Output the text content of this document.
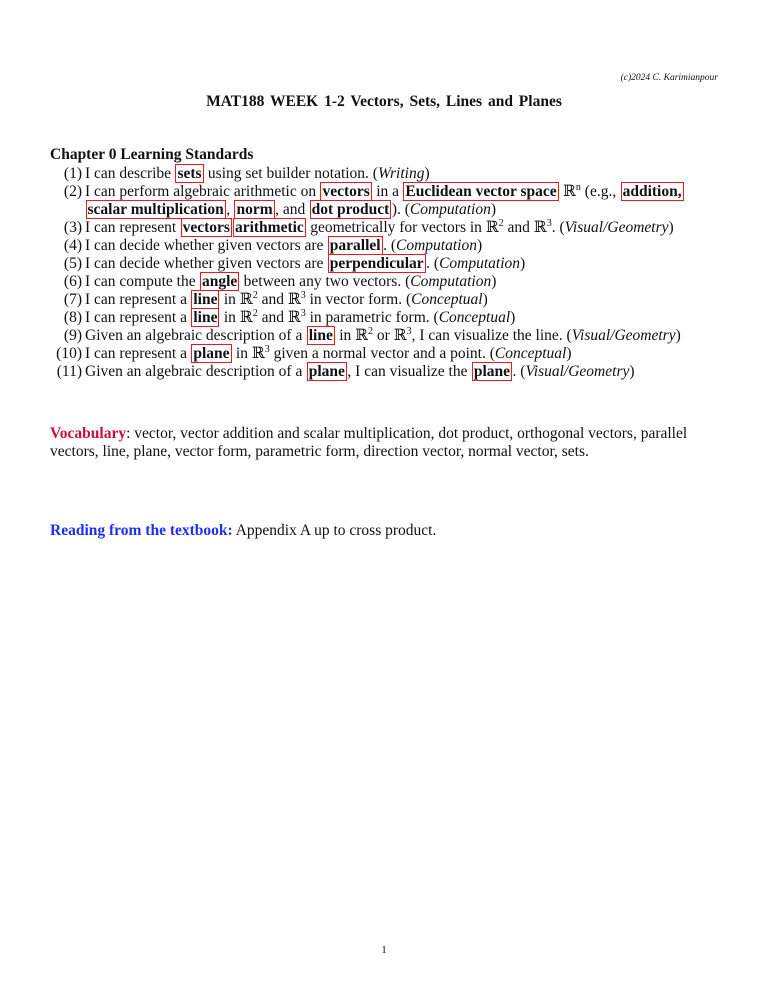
(c)2024 C. Karimianpour
MAT188 WEEK 1-2 Vectors, Sets, Lines and Planes
Chapter 0 Learning Standards
(1) I can describe sets using set builder notation. (Writing)
(2) I can perform algebraic arithmetic on vectors in a Euclidean vector space ℝ$^n$ (e.g., addition, scalar multiplication , norm , and dot product ). (Computation)
(3) I can represent vectors arithmetic geometrically for vectors in ℝ$^2$ and ℝ$^3$. (Visual/Geometry)
(4) I can decide whether given vectors are parallel . (Computation)
(5) I can decide whether given vectors are perpendicular . (Computation)
(6) I can compute the angle between any two vectors. (Computation)
(7) I can represent a line in ℝ$^2$ and ℝ$^3$ in vector form. (Conceptual)
(8) I can represent a line in ℝ$^2$ and ℝ$^3$ in parametric form. (Conceptual)
(9) Given an algebraic description of a line in ℝ$^2$ or ℝ$^3$, I can visualize the line. (Visual/Geometry)
(10) I can represent a plane in ℝ$^3$ given a normal vector and a point. (Conceptual)
(11) Given an algebraic description of a plane , I can visualize the plane . (Visual/Geometry)
Vocabulary: vector, vector addition and scalar multiplication, dot product, orthogonal vectors, parallel vectors, line, plane, vector form, parametric form, direction vector, normal vector, sets.
Reading from the textbook: Appendix A up to cross product.
1
